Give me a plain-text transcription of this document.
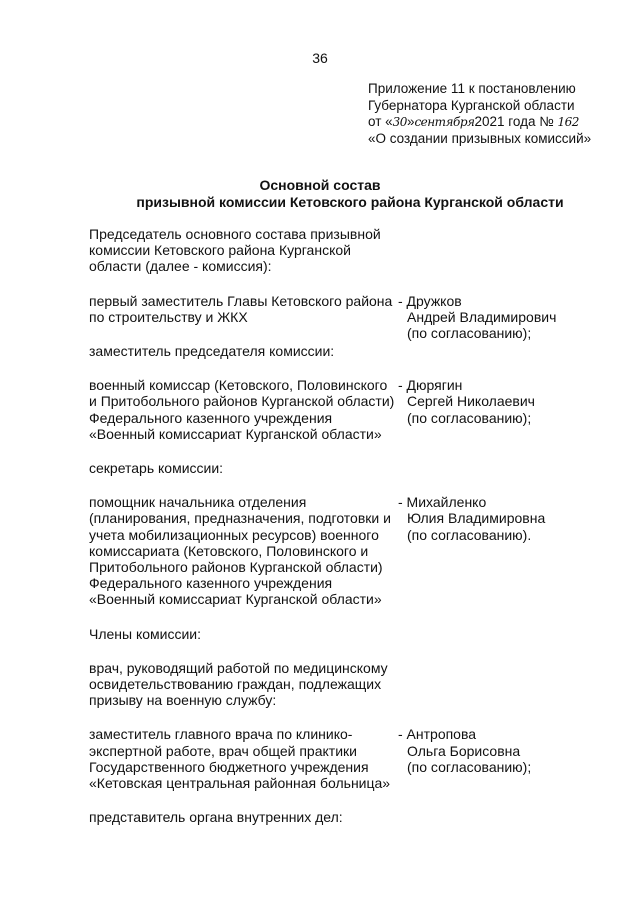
36
Приложение 11 к постановлению
Губернатора Курганской области
от «30»сентября2021 года № 162
«О создании призывных комиссий»
Основной состав
призывной комиссии Кетовского района Курганской области
Председатель основного состава призывной
комиссии Кетовского района Курганской
области (далее - комиссия):
первый заместитель Главы Кетовского района
по строительству и ЖКХ
- Дружков
Андрей Владимирович
(по согласованию);
заместитель председателя комиссии:
военный комиссар (Кетовского, Половинского
и Притобольного районов Курганской области)
Федерального казенного учреждения
«Военный комиссариат Курганской области»
- Дюрягин
Сергей Николаевич
(по согласованию);
секретарь комиссии:
помощник начальника отделения
(планирования, предназначения, подготовки и
учета мобилизационных ресурсов) военного
комиссариата (Кетовского, Половинского и
Притобольного районов Курганской области)
Федерального казенного учреждения
«Военный комиссариат Курганской области»
- Михайленко
Юлия Владимировна
(по согласованию).
Члены комиссии:
врач, руководящий работой по медицинскому
освидетельствованию граждан, подлежащих
призыву на военную службу:
заместитель главного врача по клинико-
экспертной работе, врач общей практики
Государственного бюджетного учреждения
«Кетовская центральная районная больница»
- Антропова
Ольга Борисовна
(по согласованию);
представитель органа внутренних дел:
